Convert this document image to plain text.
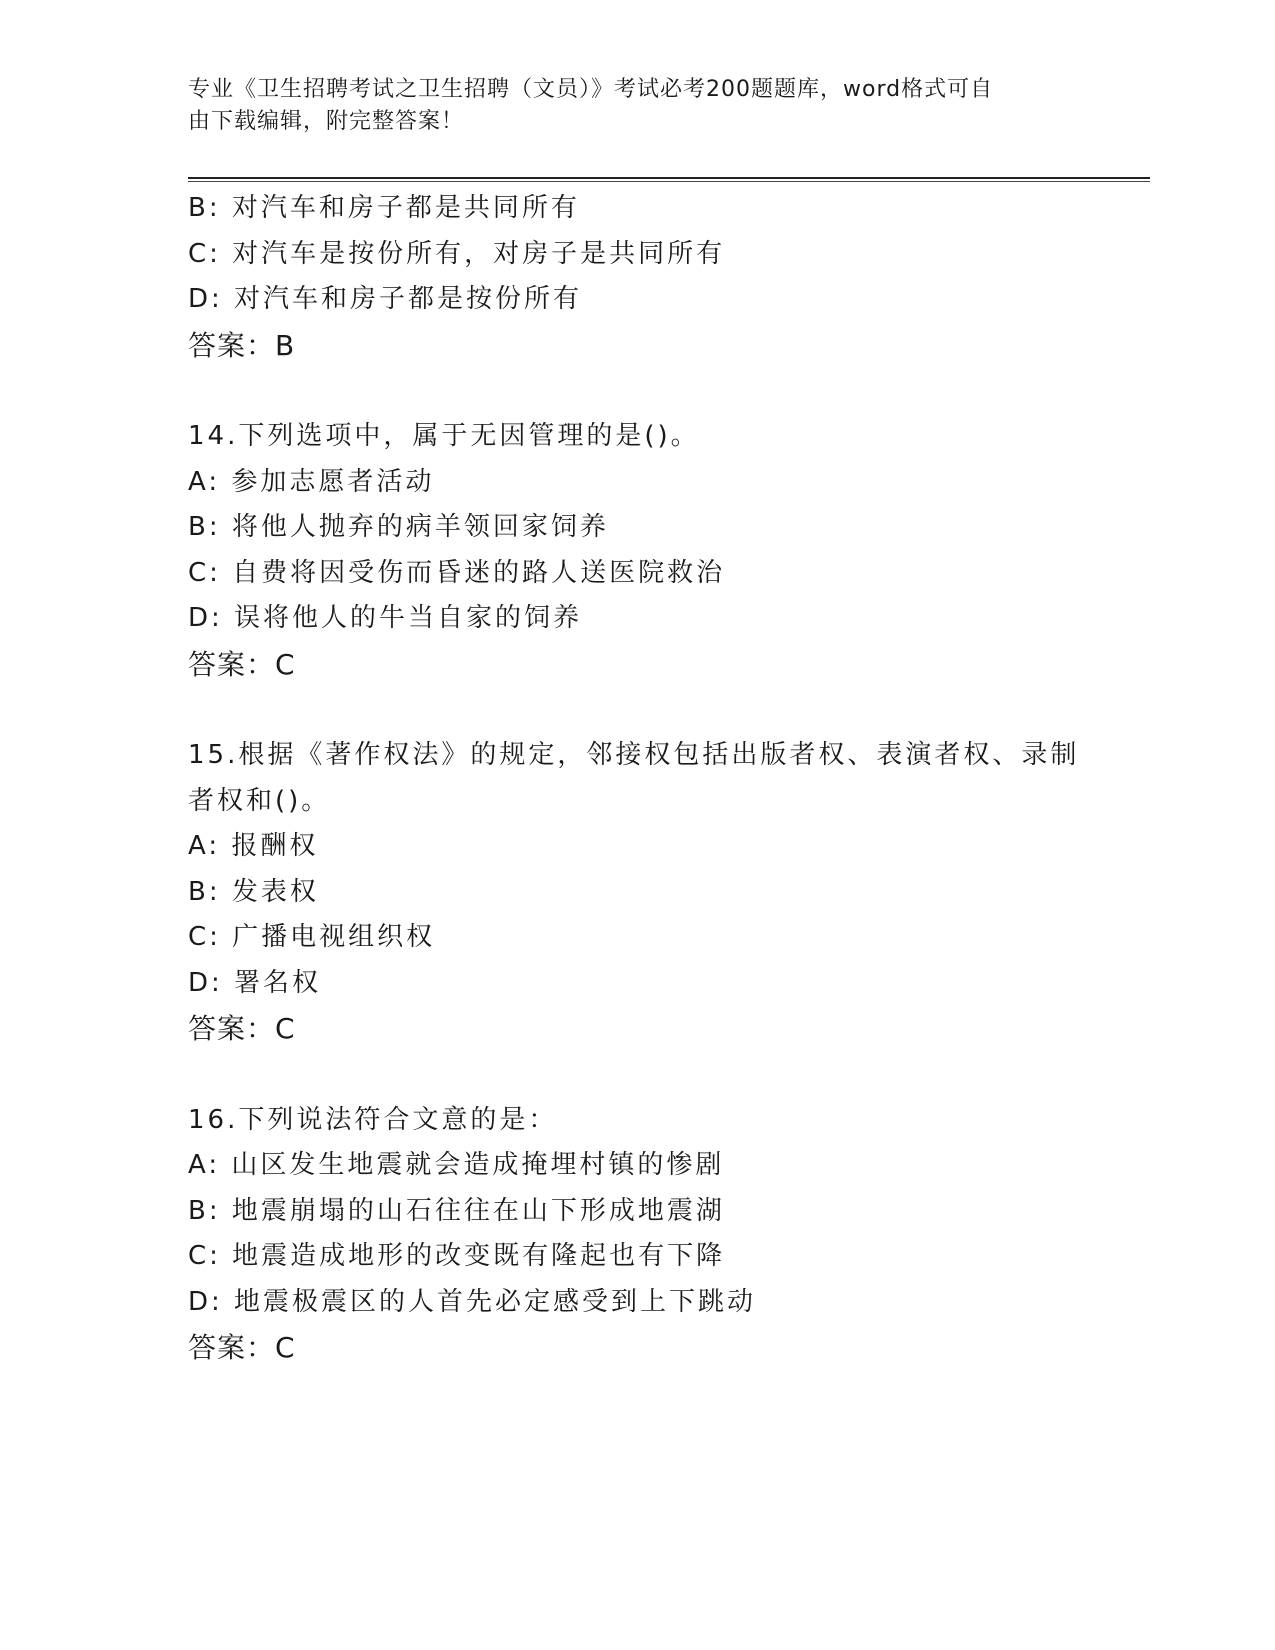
专业《卫生招聘考试之卫生招聘（文员）》考试必考200题题库，word格式可自
由下载编辑，附完整答案！
B: 对汽车和房子都是共同所有
C: 对汽车是按份所有，对房子是共同所有
D: 对汽车和房子都是按份所有
答案：B
14.下列选项中，属于无因管理的是()。
A: 参加志愿者活动
B: 将他人抛弃的病羊领回家饲养
C: 自费将因受伤而昏迷的路人送医院救治
D: 误将他人的牛当自家的饲养
答案：C
15.根据《著作权法》的规定，邻接权包括出版者权、表演者权、录制
者权和()。
A: 报酬权
B: 发表权
C: 广播电视组织权
D: 署名权
答案：C
16.下列说法符合文意的是：
A: 山区发生地震就会造成掩埋村镇的惨剧
B: 地震崩塌的山石往往在山下形成地震湖
C: 地震造成地形的改变既有隆起也有下降
D: 地震极震区的人首先必定感受到上下跳动
答案：C
